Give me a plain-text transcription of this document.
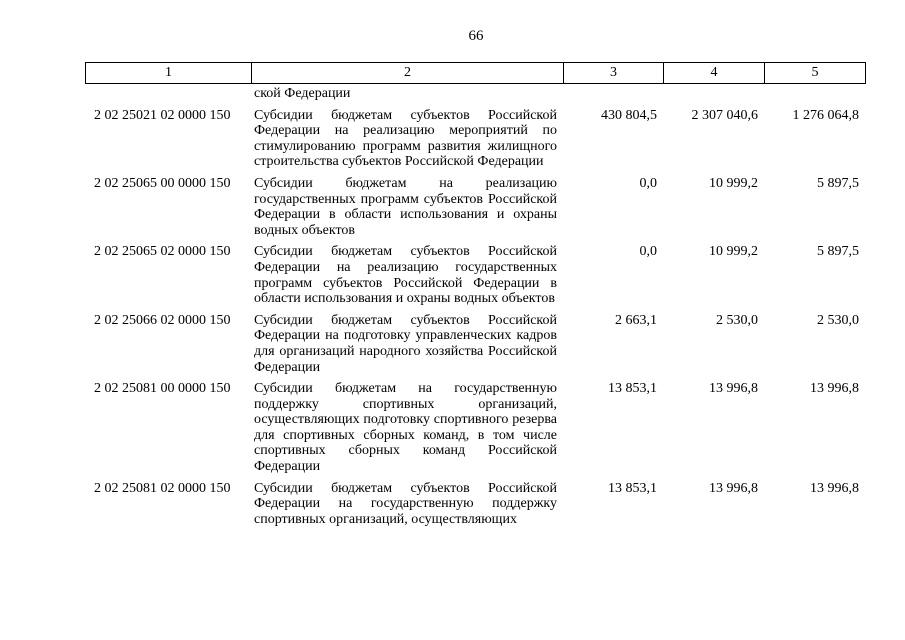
66
1	2	3	4	5
	ской Федерации			
2 02 25021 02 0000 150	Субсидии бюджетам субъектов Российской Федерации на реализацию мероприятий по стимулированию программ развития жилищного строительства субъектов Российской Федерации	430 804,5	2 307 040,6	1 276 064,8
2 02 25065 00 0000 150	Субсидии бюджетам на реализацию государственных программ субъектов Российской Федерации в области использования и охраны водных объектов	0,0	10 999,2	5 897,5
2 02 25065 02 0000 150	Субсидии бюджетам субъектов Российской Федерации на реализацию государственных программ субъектов Российской Федерации в области использования и охраны водных объектов	0,0	10 999,2	5 897,5
2 02 25066 02 0000 150	Субсидии бюджетам субъектов Российской Федерации на подготовку управленческих кадров для организаций народного хозяйства Российской Федерации	2 663,1	2 530,0	2 530,0
2 02 25081 00 0000 150	Субсидии бюджетам на государственную поддержку спортивных организаций, осуществляющих подготовку спортивного резерва для спортивных сборных команд, в том числе спортивных сборных команд Российской Федерации	13 853,1	13 996,8	13 996,8
2 02 25081 02 0000 150	Субсидии бюджетам субъектов Российской Федерации на государственную поддержку спортивных организаций, осуществляющих	13 853,1	13 996,8	13 996,8
